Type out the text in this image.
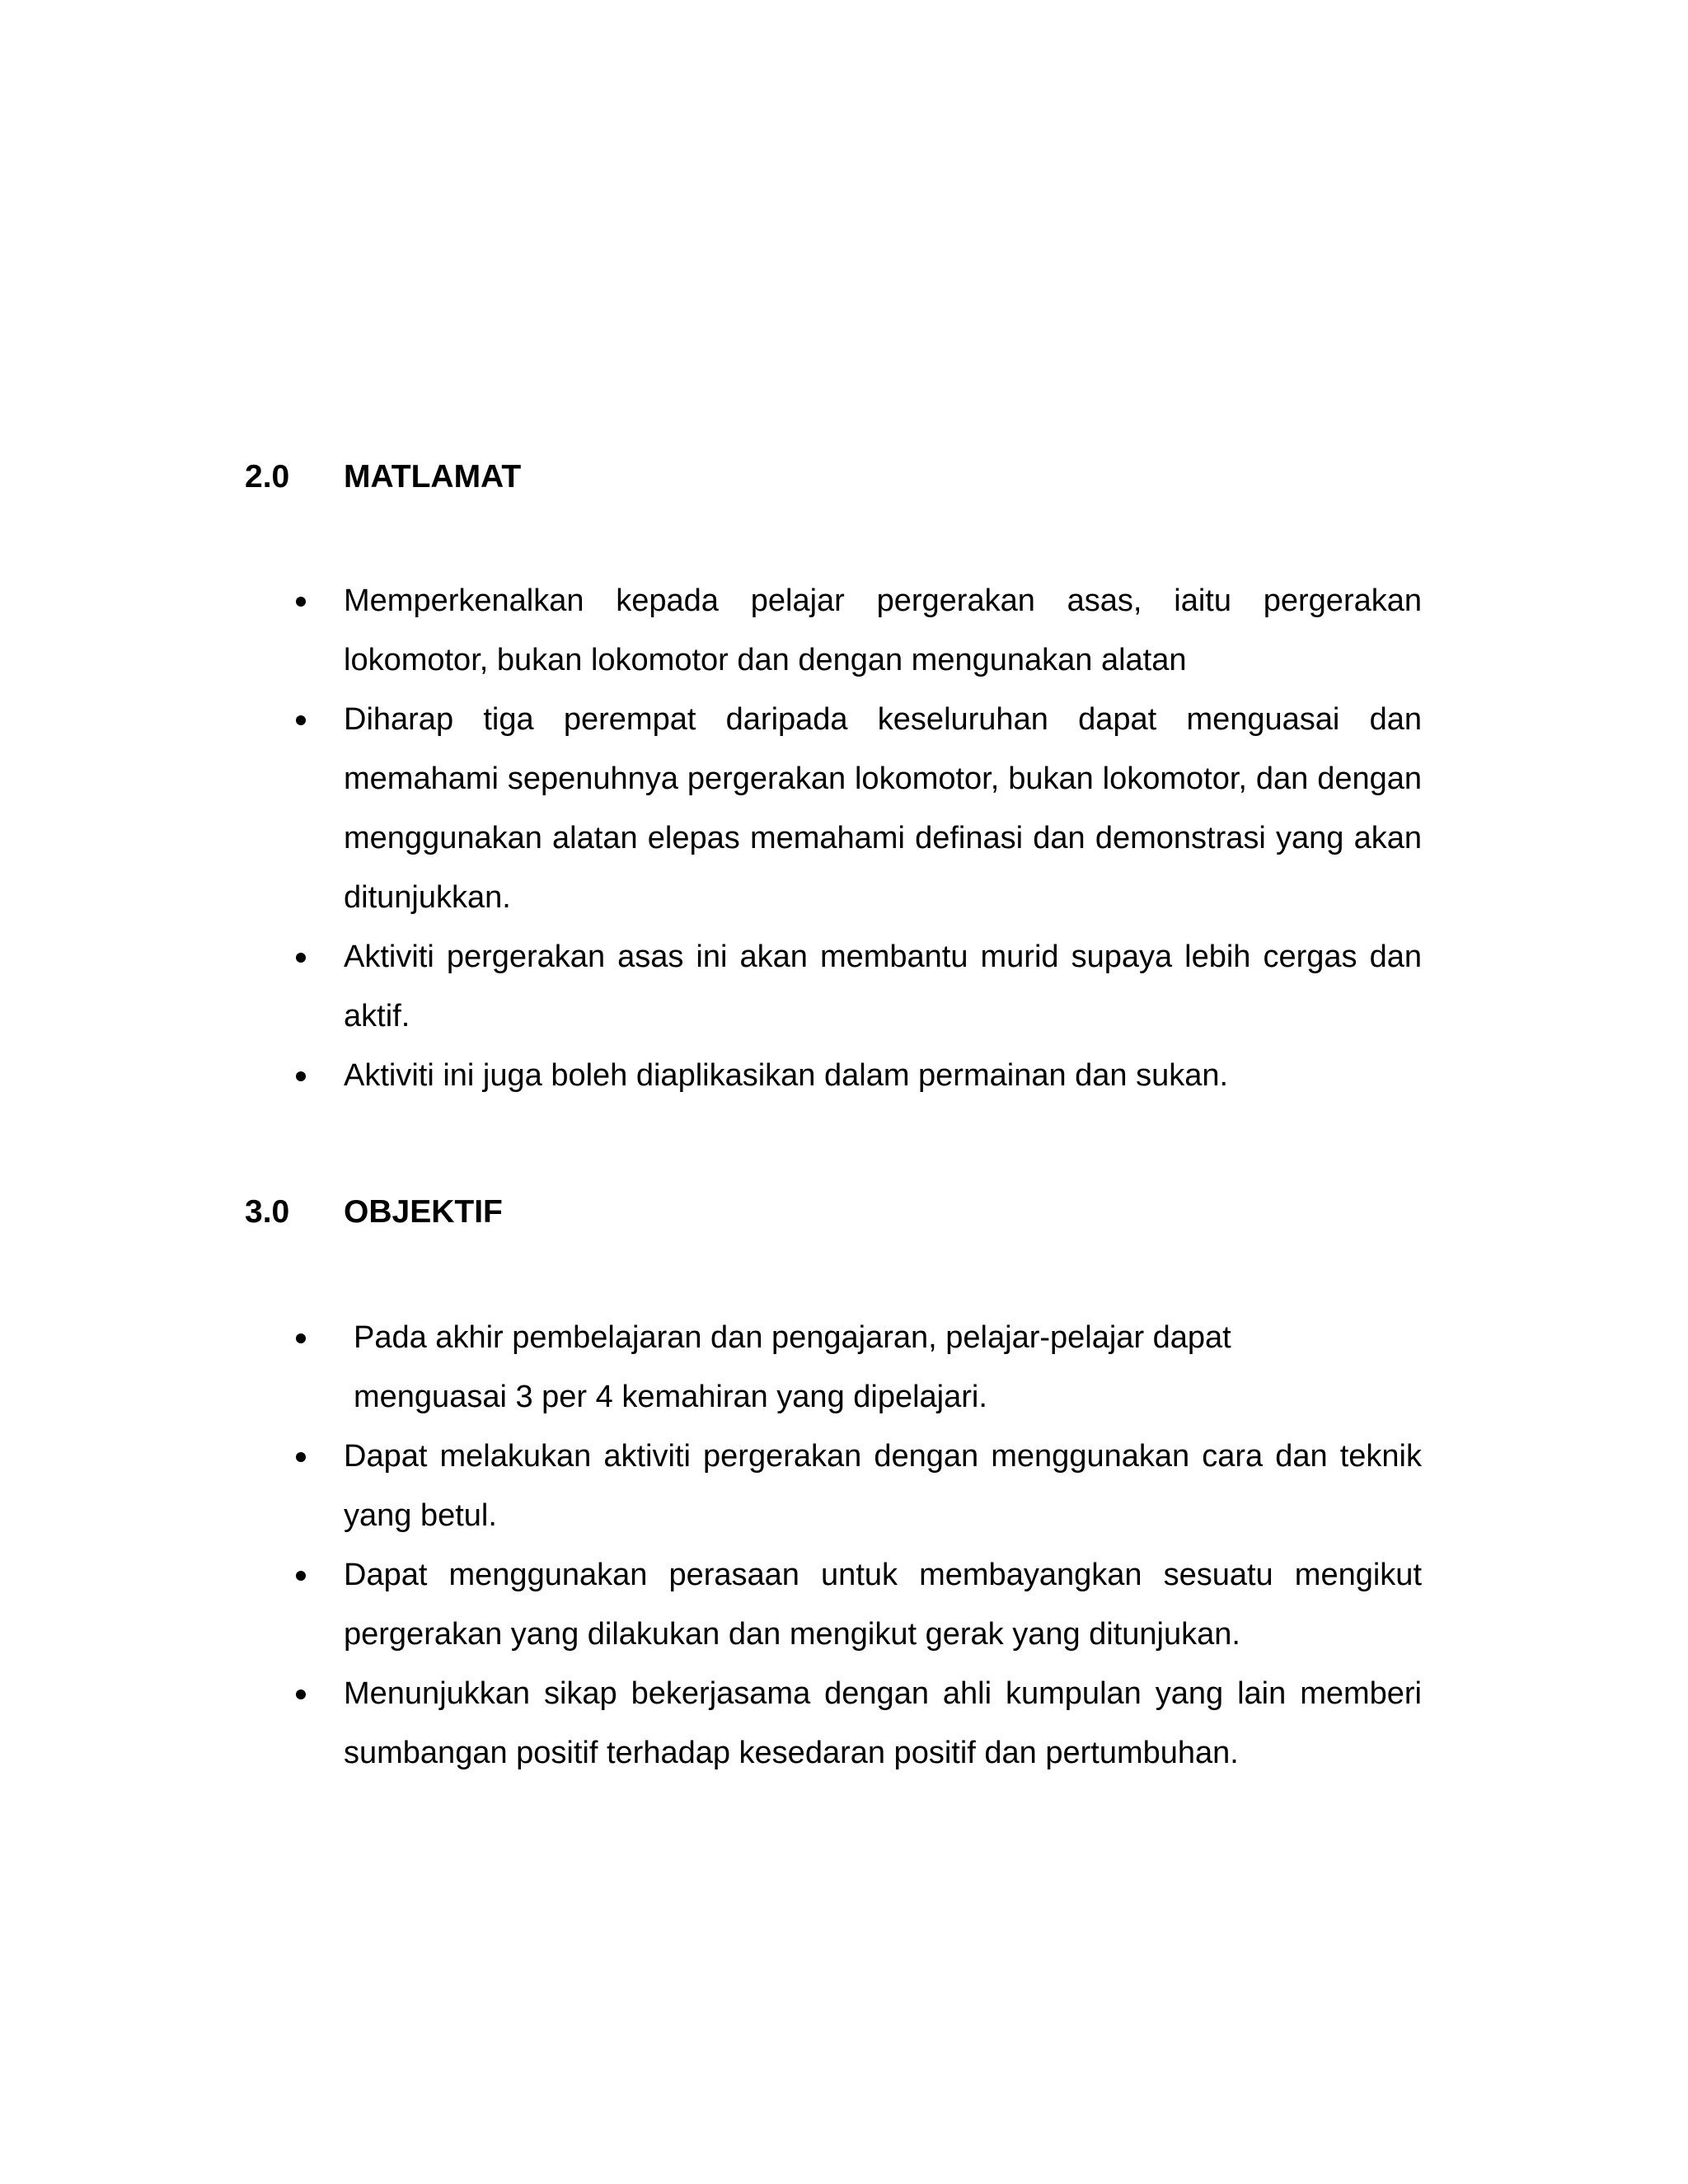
2.0	MATLAMAT
Memperkenalkan kepada pelajar pergerakan asas, iaitu pergerakan lokomotor, bukan lokomotor dan dengan mengunakan alatan
Diharap tiga perempat daripada keseluruhan dapat menguasai dan memahami sepenuhnya pergerakan lokomotor, bukan lokomotor, dan dengan menggunakan alatan elepas memahami definasi dan demonstrasi yang akan ditunjukkan.
Aktiviti pergerakan asas ini akan membantu murid supaya lebih cergas dan aktif.
Aktiviti ini juga boleh diaplikasikan dalam permainan dan sukan.
3.0	OBJEKTIF
Pada akhir pembelajaran dan pengajaran, pelajar-pelajar dapat
menguasai 3 per 4 kemahiran yang dipelajari.
Dapat melakukan aktiviti pergerakan dengan menggunakan cara dan teknik yang betul.
Dapat menggunakan perasaan untuk membayangkan sesuatu mengikut pergerakan yang dilakukan dan mengikut gerak yang ditunjukan.
Menunjukkan sikap bekerjasama dengan ahli kumpulan yang lain memberi sumbangan positif terhadap kesedaran positif dan pertumbuhan.
